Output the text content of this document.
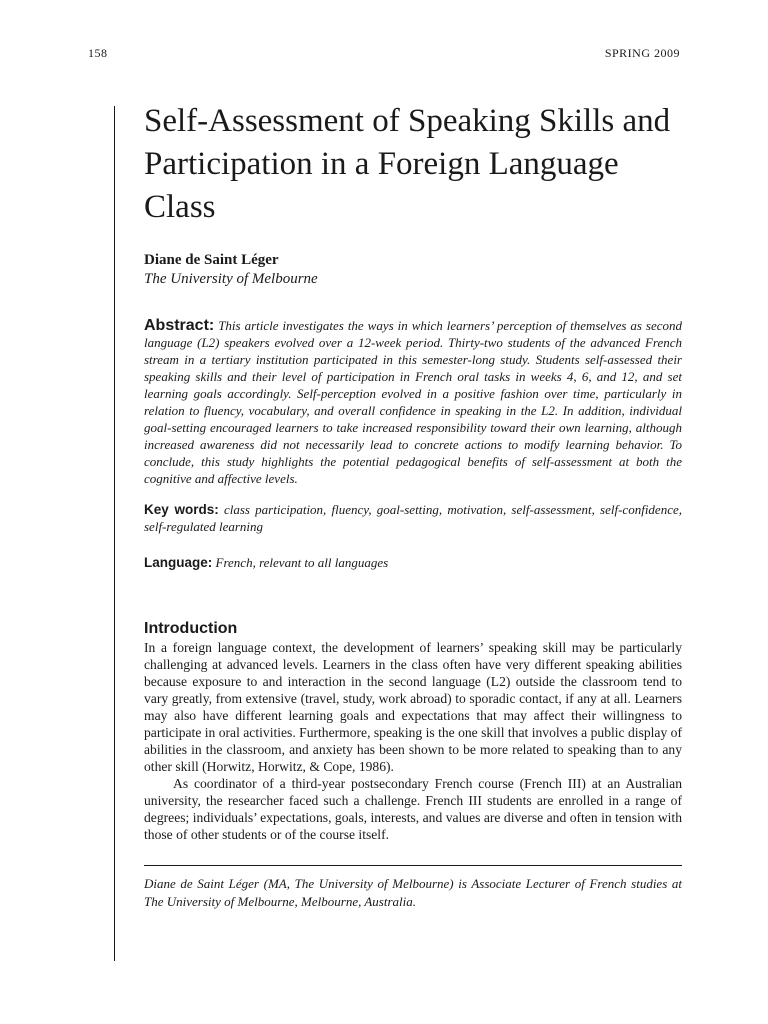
158	SPRING 2009
Self-Assessment of Speaking Skills and Participation in a Foreign Language Class
Diane de Saint Léger
The University of Melbourne
Abstract: This article investigates the ways in which learners’ perception of themselves as second language (L2) speakers evolved over a 12-week period. Thirty-two students of the advanced French stream in a tertiary institution participated in this semester-long study. Students self-assessed their speaking skills and their level of participation in French oral tasks in weeks 4, 6, and 12, and set learning goals accordingly. Self-perception evolved in a positive fashion over time, particularly in relation to fluency, vocabulary, and overall confidence in speaking in the L2. In addition, individual goal-setting encouraged learners to take increased responsibility toward their own learning, although increased awareness did not necessarily lead to concrete actions to modify learning behavior. To conclude, this study highlights the potential pedagogical benefits of self-assessment at both the cognitive and affective levels.
Key words: class participation, fluency, goal-setting, motivation, self-assessment, self-confidence, self-regulated learning
Language: French, relevant to all languages
Introduction

In a foreign language context, the development of learners’ speaking skill may be particularly challenging at advanced levels. Learners in the class often have very different speaking abilities because exposure to and interaction in the second language (L2) outside the classroom tend to vary greatly, from extensive (travel, study, work abroad) to sporadic contact, if any at all. Learners may also have different learning goals and expectations that may affect their willingness to participate in oral activities. Furthermore, speaking is the one skill that involves a public display of abilities in the classroom, and anxiety has been shown to be more related to speaking than to any other skill (Horwitz, Horwitz, & Cope, 1986).

As coordinator of a third-year postsecondary French course (French III) at an Australian university, the researcher faced such a challenge. French III students are enrolled in a range of degrees; individuals’ expectations, goals, interests, and values are diverse and often in tension with those of other students or of the course itself.

Diane de Saint Léger (MA, The University of Melbourne) is Associate Lecturer of French studies at The University of Melbourne, Melbourne, Australia.
